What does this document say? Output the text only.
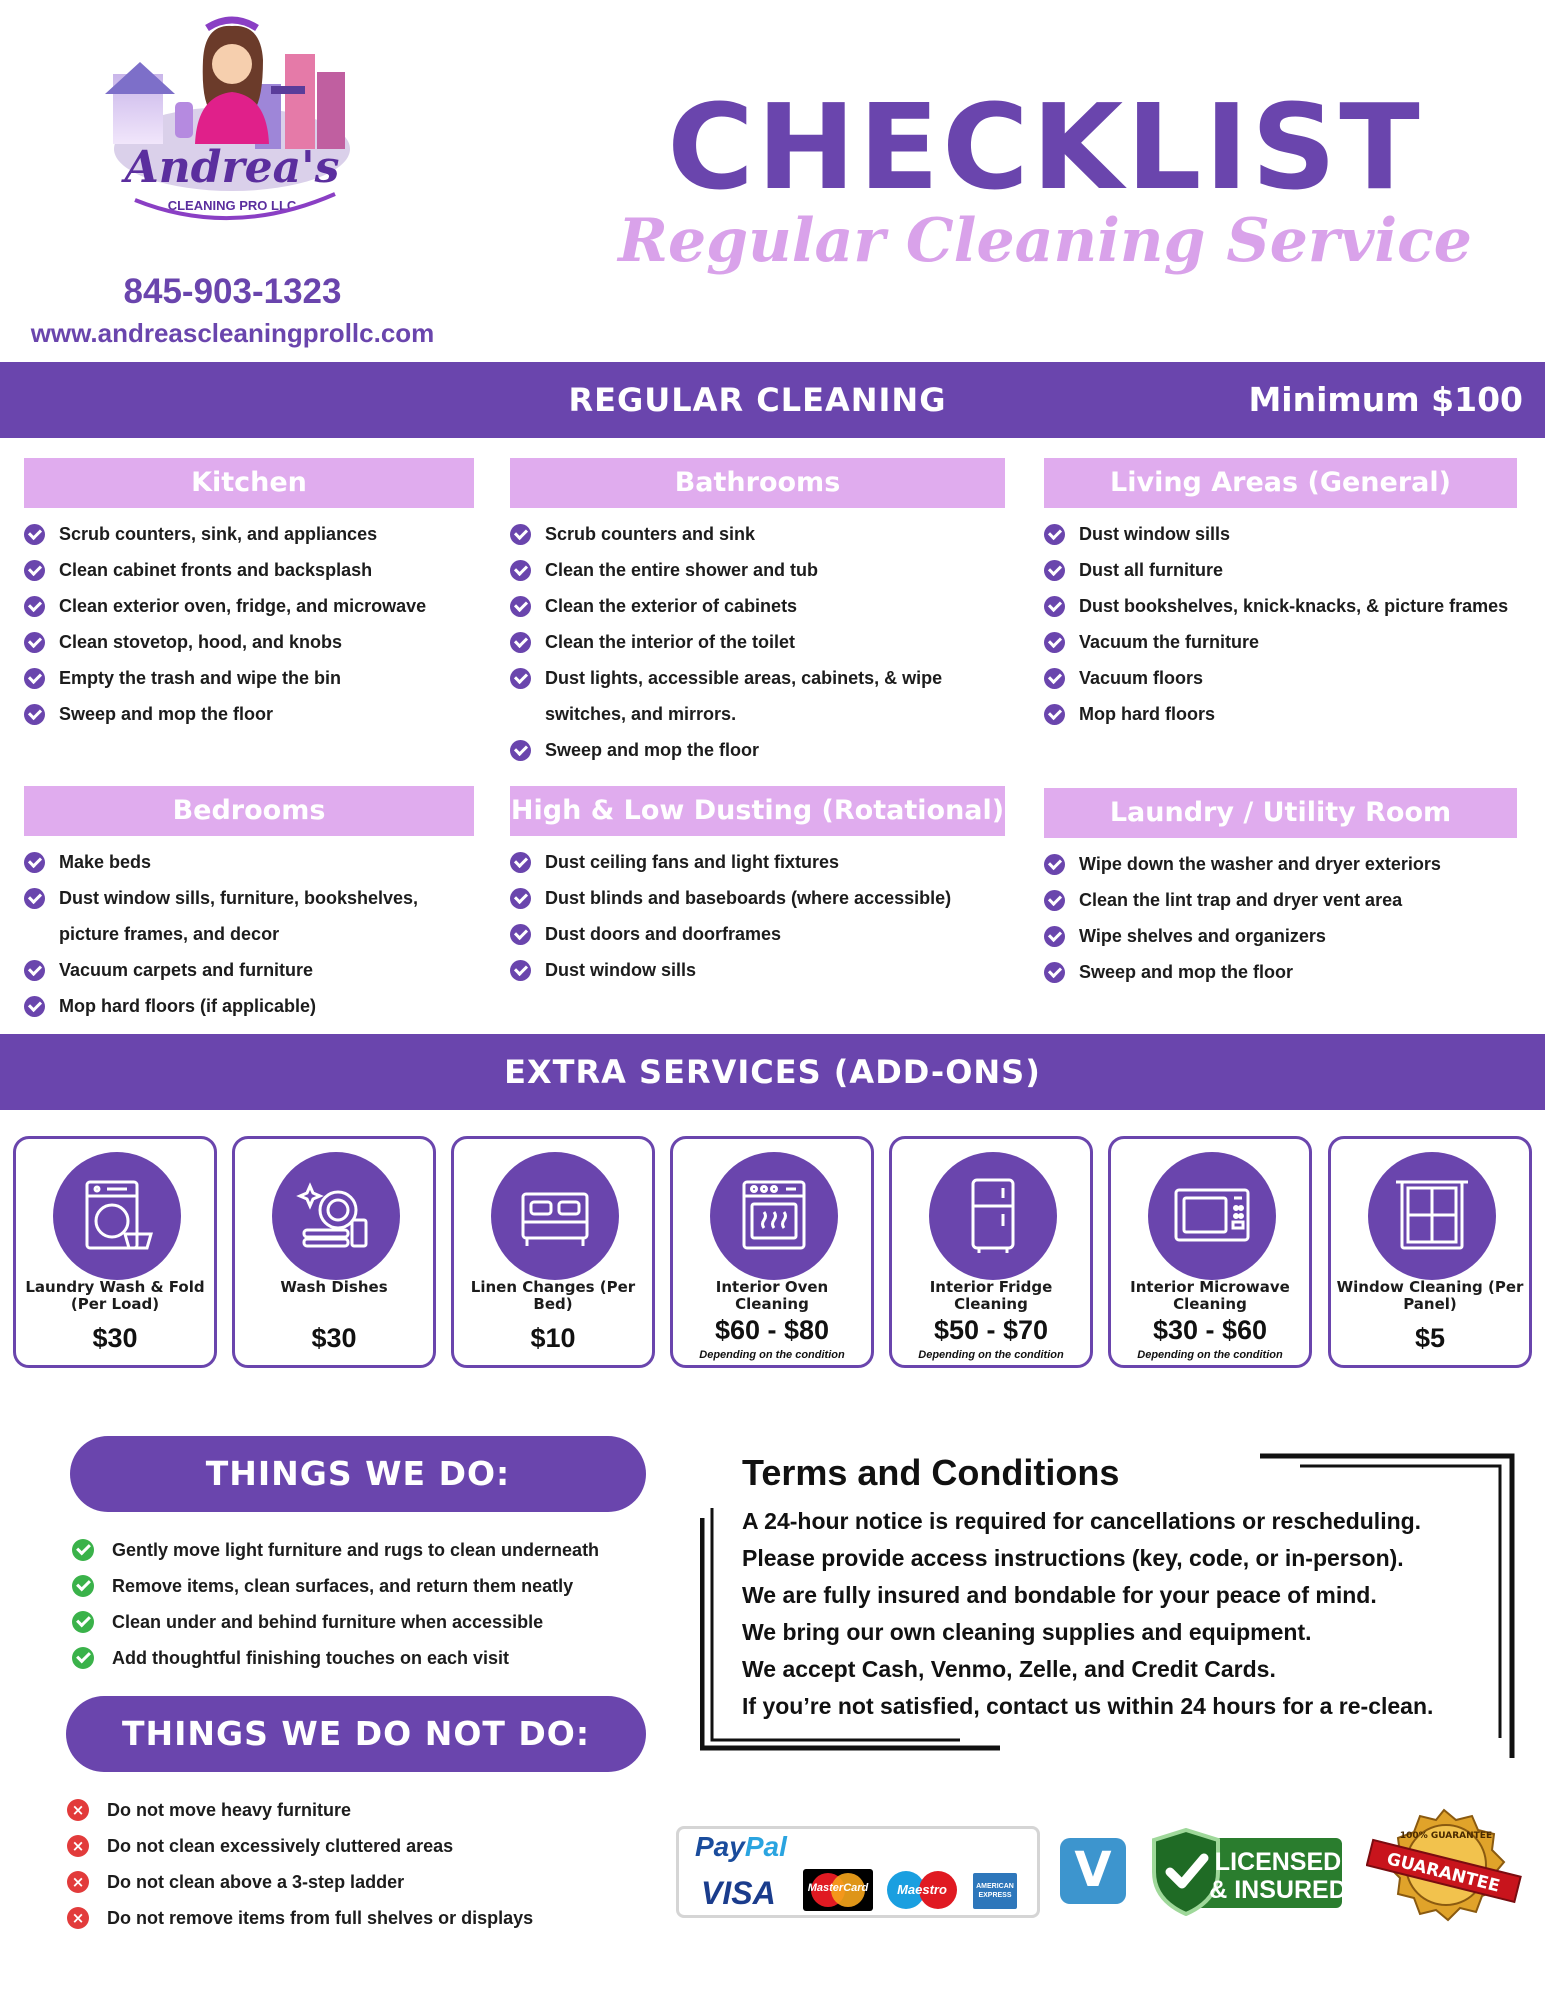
Andrea's
CLEANING PRO LLC
845-903-1323
www.andreascleaningprollc.com
CHECKLIST
Regular Cleaning Service
REGULAR CLEANING	Minimum $100
Kitchen
Scrub counters, sink, and appliances
Clean cabinet fronts and backsplash
Clean exterior oven, fridge, and microwave
Clean stovetop, hood, and knobs
Empty the trash and wipe the bin
Sweep and mop the floor
Bathrooms
Scrub counters and sink
Clean the entire shower and tub
Clean the exterior of cabinets
Clean the interior of the toilet
Dust lights, accessible areas, cabinets, & wipe switches, and mirrors.
Sweep and mop the floor
Living Areas (General)
Dust window sills
Dust all furniture
Dust bookshelves, knick-knacks, & picture frames
Vacuum the furniture
Vacuum floors
Mop hard floors
Bedrooms
Make beds
Dust window sills, furniture, bookshelves, picture frames, and decor
Vacuum carpets and furniture
Mop hard floors (if applicable)
High & Low Dusting (Rotational)
Dust ceiling fans and light fixtures
Dust blinds and baseboards (where accessible)
Dust doors and doorframes
Dust window sills
Laundry / Utility Room
Wipe down the washer and dryer exteriors
Clean the lint trap and dryer vent area
Wipe shelves and organizers
Sweep and mop the floor
EXTRA SERVICES (ADD-ONS)
Laundry Wash & Fold (Per Load)
$30
Wash Dishes
$30
Linen Changes (Per Bed)
$10
Interior Oven Cleaning
$60 - $80
Depending on the condition
Interior Fridge Cleaning
$50 - $70
Depending on the condition
Interior Microwave Cleaning
$30 - $60
Depending on the condition
Window Cleaning (Per Panel)
$5
THINGS WE DO:
Gently move light furniture and rugs to clean underneath
Remove items, clean surfaces, and return them neatly
Clean under and behind furniture when accessible
Add thoughtful finishing touches on each visit
THINGS WE DO NOT DO:
× Do not move heavy furniture
× Do not clean excessively cluttered areas
× Do not clean above a 3-step ladder
× Do not remove items from full shelves or displays
Terms and Conditions
A 24-hour notice is required for cancellations or rescheduling.
Please provide access instructions (key, code, or in-person).
We are fully insured and bondable for your peace of mind.
We bring our own cleaning supplies and equipment.
We accept Cash, Venmo, Zelle, and Credit Cards.
If you’re not satisfied, contact us within 24 hours for a re-clean.
PayPal
VISA	MasterCard	Maestro	AMERICAN EXPRESS	V	LICENSED
& INSURED
100% GUARANTEE
GUARANTEE
